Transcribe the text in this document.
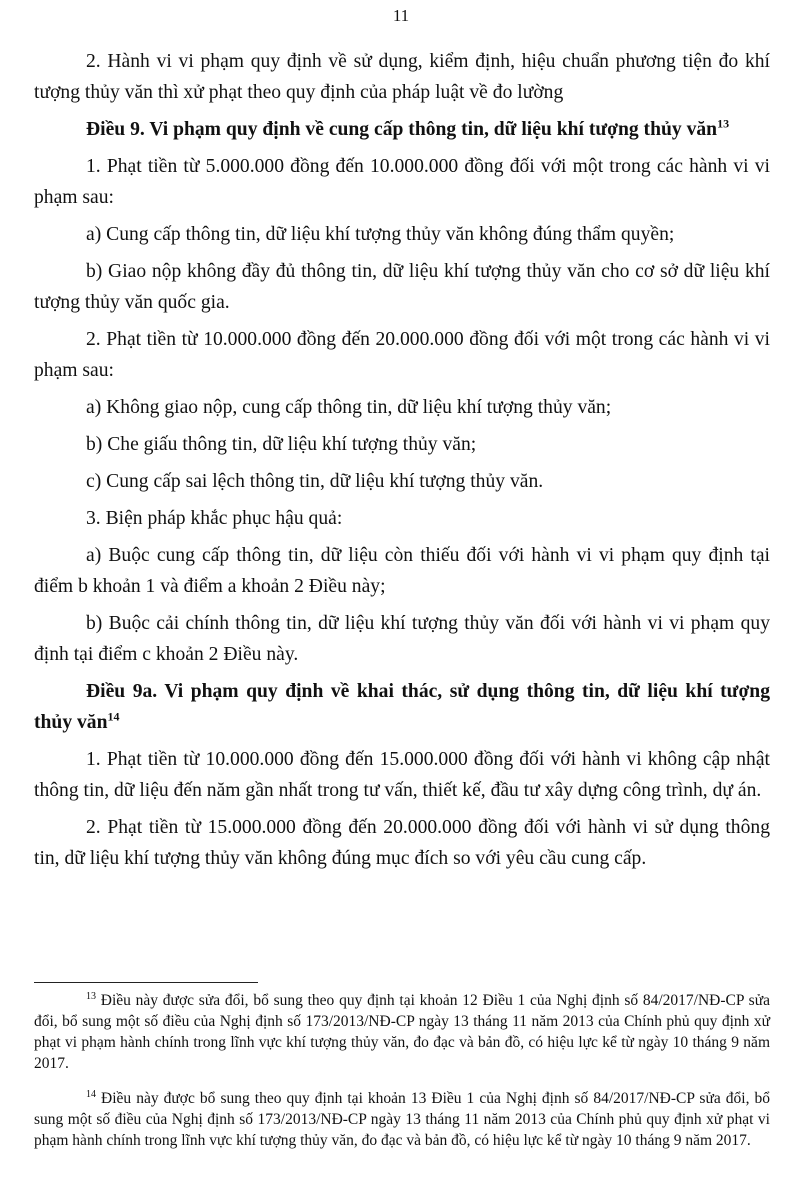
11

2. Hành vi vi phạm quy định về sử dụng, kiểm định, hiệu chuẩn phương tiện đo khí tượng thủy văn thì xử phạt theo quy định của pháp luật về đo lường

Điều 9. Vi phạm quy định về cung cấp thông tin, dữ liệu khí tượng thủy văn$^{13}$

1. Phạt tiền từ 5.000.000 đồng đến 10.000.000 đồng đối với một trong các hành vi vi phạm sau:

a) Cung cấp thông tin, dữ liệu khí tượng thủy văn không đúng thẩm quyền;

b) Giao nộp không đầy đủ thông tin, dữ liệu khí tượng thủy văn cho cơ sở dữ liệu khí tượng thủy văn quốc gia.

2. Phạt tiền từ 10.000.000 đồng đến 20.000.000 đồng đối với một trong các hành vi vi phạm sau:

a) Không giao nộp, cung cấp thông tin, dữ liệu khí tượng thủy văn;

b) Che giấu thông tin, dữ liệu khí tượng thủy văn;

c) Cung cấp sai lệch thông tin, dữ liệu khí tượng thủy văn.

3. Biện pháp khắc phục hậu quả:

a) Buộc cung cấp thông tin, dữ liệu còn thiếu đối với hành vi vi phạm quy định tại điểm b khoản 1 và điểm a khoản 2 Điều này;

b) Buộc cải chính thông tin, dữ liệu khí tượng thủy văn đối với hành vi vi phạm quy định tại điểm c khoản 2 Điều này.

Điều 9a. Vi phạm quy định về khai thác, sử dụng thông tin, dữ liệu khí tượng thủy văn$^{14}$

1. Phạt tiền từ 10.000.000 đồng đến 15.000.000 đồng đối với hành vi không cập nhật thông tin, dữ liệu đến năm gần nhất trong tư vấn, thiết kế, đầu tư xây dựng công trình, dự án.

2. Phạt tiền từ 15.000.000 đồng đến 20.000.000 đồng đối với hành vi sử dụng thông tin, dữ liệu khí tượng thủy văn không đúng mục đích so với yêu cầu cung cấp.

$^{13}$ Điều này được sửa đổi, bổ sung theo quy định tại khoản 12 Điều 1 của Nghị định số 84/2017/NĐ-CP sửa đổi, bổ sung một số điều của Nghị định số 173/2013/NĐ-CP ngày 13 tháng 11 năm 2013 của Chính phủ quy định xử phạt vi phạm hành chính trong lĩnh vực khí tượng thủy văn, đo đạc và bản đồ, có hiệu lực kể từ ngày 10 tháng 9 năm 2017.

$^{14}$ Điều này được bổ sung theo quy định tại khoản 13 Điều 1 của Nghị định số 84/2017/NĐ-CP sửa đổi, bổ sung một số điều của Nghị định số 173/2013/NĐ-CP ngày 13 tháng 11 năm 2013 của Chính phủ quy định xử phạt vi phạm hành chính trong lĩnh vực khí tượng thủy văn, đo đạc và bản đồ, có hiệu lực kể từ ngày 10 tháng 9 năm 2017.
